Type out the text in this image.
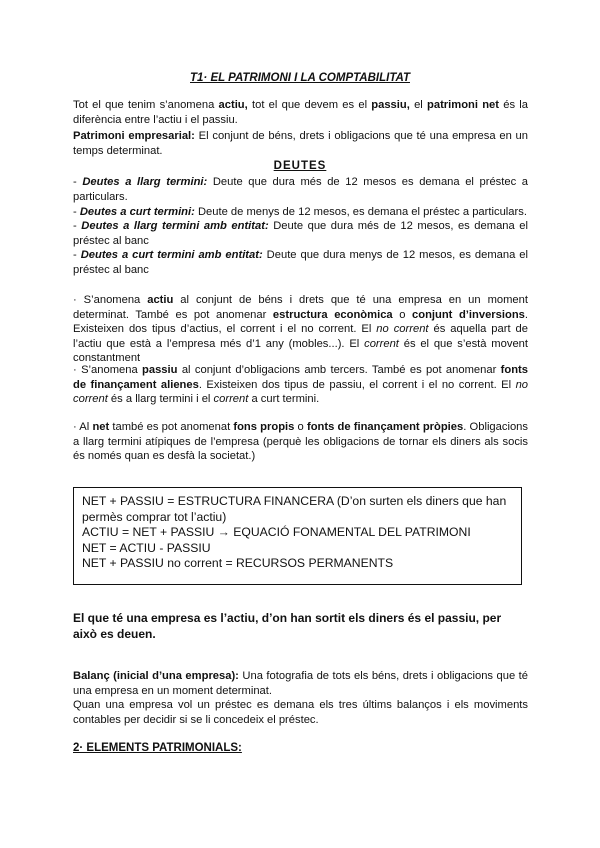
T1· EL PATRIMONI I LA COMPTABILITAT

Tot el que tenim s’anomena actiu, tot el que devem es el passiu, el patrimoni net és la diferència entre l’actiu i el passiu.

Patrimoni empresarial: El conjunt de béns, drets i obligacions que té una empresa en un temps determinat.

DEUTES

- Deutes a llarg termini: Deute que dura més de 12 mesos es demana el préstec a particulars.

- Deutes a curt termini: Deute de menys de 12 mesos, es demana el préstec a particulars.

- Deutes a llarg termini amb entitat: Deute que dura més de 12 mesos, es demana el préstec al banc

- Deutes a curt termini amb entitat: Deute que dura menys de 12 mesos, es demana el préstec al banc

· S’anomena actiu al conjunt de béns i drets que té una empresa en un moment determinat. També es pot anomenar estructura econòmica o conjunt d’inversions. Existeixen dos tipus d’actius, el corrent i el no corrent. El no corrent és aquella part de l’actiu que està a l’empresa més d’1 any (mobles...). El corrent és el que s’està movent constantment

· S’anomena passiu al conjunt d’obligacions amb tercers. També es pot anomenar fonts de finançament alienes. Existeixen dos tipus de passiu, el corrent i el no corrent. El no corrent és a llarg termini i el corrent a curt termini.

· Al net també es pot anomenat fons propis o fonts de finançament pròpies. Obligacions a llarg termini atípiques de l’empresa (perquè les obligacions de tornar els diners als socis és només quan es desfà la societat.)

NET + PASSIU = ESTRUCTURA FINANCERA (D’on surten els diners que han permès comprar tot l’actiu)
ACTIU = NET + PASSIU → EQUACIÓ FONAMENTAL DEL PATRIMONI
NET = ACTIU - PASSIU
NET + PASSIU no corrent = RECURSOS PERMANENTS

El que té una empresa es l’actiu, d’on han sortit els diners és el passiu, per això es deuen.

Balanç (inicial d’una empresa): Una fotografia de tots els béns, drets i obligacions que té una empresa en un moment determinat.

Quan una empresa vol un préstec es demana els tres últims balanços i els moviments contables per decidir si se li concedeix el préstec.

2· ELEMENTS PATRIMONIALS:
